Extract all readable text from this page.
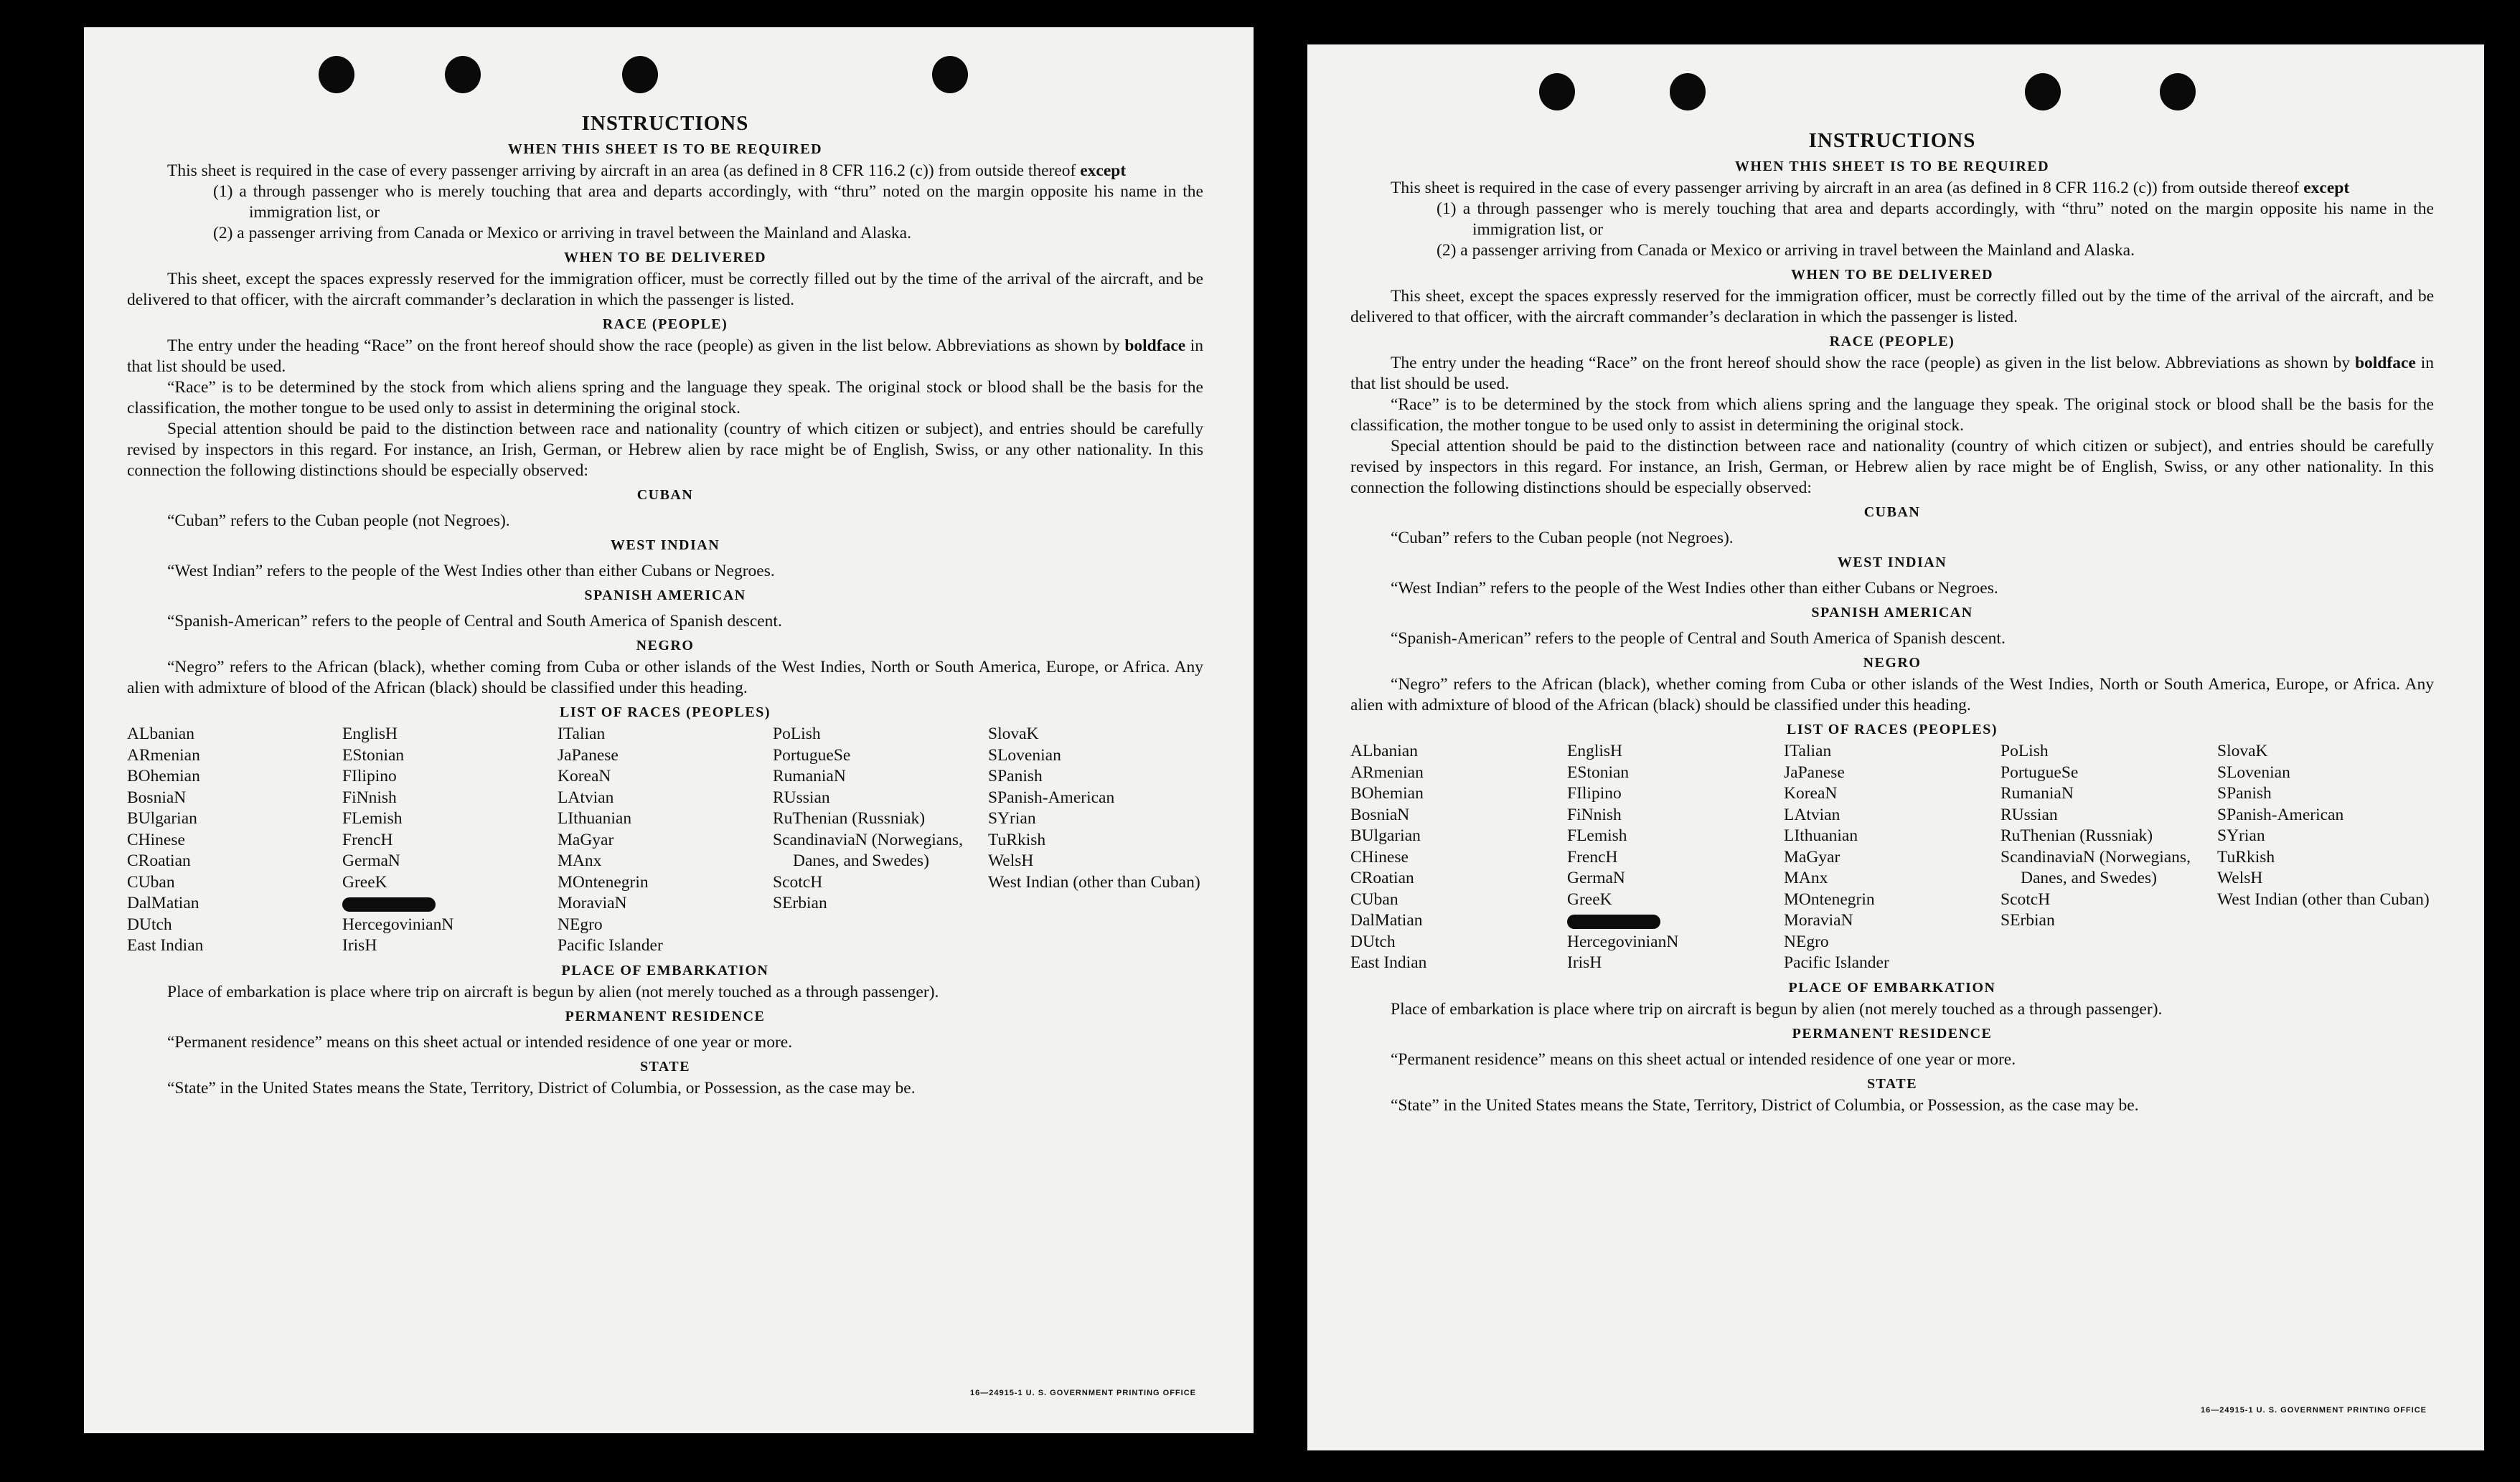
INSTRUCTIONS
WHEN THIS SHEET IS TO BE REQUIRED

This sheet is required in the case of every passenger arriving by aircraft in an area (as defined in 8 CFR 116.2 (c)) from outside thereof except

(1) a through passenger who is merely touching that area and departs accordingly, with “thru” noted on the margin opposite his name in the immigration list, or

(2) a passenger arriving from Canada or Mexico or arriving in travel between the Mainland and Alaska.

WHEN TO BE DELIVERED

This sheet, except the spaces expressly reserved for the immigration officer, must be correctly filled out by the time of the arrival of the aircraft, and be delivered to that officer, with the aircraft commander’s declaration in which the passenger is listed.

RACE (PEOPLE)

The entry under the heading “Race” on the front hereof should show the race (people) as given in the list below. Abbreviations as shown by boldface in that list should be used.

“Race” is to be determined by the stock from which aliens spring and the language they speak. The original stock or blood shall be the basis for the classification, the mother tongue to be used only to assist in determining the original stock.

Special attention should be paid to the distinction between race and nationality (country of which citizen or subject), and entries should be carefully revised by inspectors in this regard. For instance, an Irish, German, or Hebrew alien by race might be of English, Swiss, or any other nationality. In this connection the following distinctions should be especially observed:

CUBAN

“Cuban” refers to the Cuban people (not Negroes).

WEST INDIAN

“West Indian” refers to the people of the West Indies other than either Cubans or Negroes.

SPANISH AMERICAN

“Spanish-American” refers to the people of Central and South America of Spanish descent.

NEGRO

“Negro” refers to the African (black), whether coming from Cuba or other islands of the West Indies, North or South America, Europe, or Africa. Any alien with admixture of blood of the African (black) should be classified under this heading.

LIST OF RACES (PEOPLES)
ALbanian
ARmenian
BOhemian
BosniaN
BUlgarian
CHinese
CRoatian
CUban
DalMatian
DUtch
East Indian
EnglisH
EStonian
FIlipino
FiNnish
FLemish
FrencH
GermaN
GreeK
HercegovinianN
IrisH
ITalian
JaPanese
KoreaN
LAtvian
LIthuanian
MaGyar
MAnx
MOntenegrin
MoraviaN
NEgro
Pacific Islander
PoLish
PortugueSe
RumaniaN
RUssian
RuThenian (Russniak)
ScandinaviaN (Norwegians, Danes, and Swedes)
ScotcH
SErbian
SlovaK
SLovenian
SPanish
SPanish-American
SYrian
TuRkish
WelsH
West Indian (other than Cuban)
PLACE OF EMBARKATION

Place of embarkation is place where trip on aircraft is begun by alien (not merely touched as a through passenger).

PERMANENT RESIDENCE

“Permanent residence” means on this sheet actual or intended residence of one year or more.

STATE

“State” in the United States means the State, Territory, District of Columbia, or Possession, as the case may be.

16—24915-1 U. S. GOVERNMENT PRINTING OFFICE
INSTRUCTIONS
WHEN THIS SHEET IS TO BE REQUIRED

This sheet is required in the case of every passenger arriving by aircraft in an area (as defined in 8 CFR 116.2 (c)) from outside thereof except

(1) a through passenger who is merely touching that area and departs accordingly, with “thru” noted on the margin opposite his name in the immigration list, or

(2) a passenger arriving from Canada or Mexico or arriving in travel between the Mainland and Alaska.

WHEN TO BE DELIVERED

This sheet, except the spaces expressly reserved for the immigration officer, must be correctly filled out by the time of the arrival of the aircraft, and be delivered to that officer, with the aircraft commander’s declaration in which the passenger is listed.

RACE (PEOPLE)

The entry under the heading “Race” on the front hereof should show the race (people) as given in the list below. Abbreviations as shown by boldface in that list should be used.

“Race” is to be determined by the stock from which aliens spring and the language they speak. The original stock or blood shall be the basis for the classification, the mother tongue to be used only to assist in determining the original stock.

Special attention should be paid to the distinction between race and nationality (country of which citizen or subject), and entries should be carefully revised by inspectors in this regard. For instance, an Irish, German, or Hebrew alien by race might be of English, Swiss, or any other nationality. In this connection the following distinctions should be especially observed:

CUBAN

“Cuban” refers to the Cuban people (not Negroes).

WEST INDIAN

“West Indian” refers to the people of the West Indies other than either Cubans or Negroes.

SPANISH AMERICAN

“Spanish-American” refers to the people of Central and South America of Spanish descent.

NEGRO

“Negro” refers to the African (black), whether coming from Cuba or other islands of the West Indies, North or South America, Europe, or Africa. Any alien with admixture of blood of the African (black) should be classified under this heading.

LIST OF RACES (PEOPLES)
ALbanian
ARmenian
BOhemian
BosniaN
BUlgarian
CHinese
CRoatian
CUban
DalMatian
DUtch
East Indian
EnglisH
EStonian
FIlipino
FiNnish
FLemish
FrencH
GermaN
GreeK
HercegovinianN
IrisH
ITalian
JaPanese
KoreaN
LAtvian
LIthuanian
MaGyar
MAnx
MOntenegrin
MoraviaN
NEgro
Pacific Islander
PoLish
PortugueSe
RumaniaN
RUssian
RuThenian (Russniak)
ScandinaviaN (Norwegians, Danes, and Swedes)
ScotcH
SErbian
SlovaK
SLovenian
SPanish
SPanish-American
SYrian
TuRkish
WelsH
West Indian (other than Cuban)
PLACE OF EMBARKATION

Place of embarkation is place where trip on aircraft is begun by alien (not merely touched as a through passenger).

PERMANENT RESIDENCE

“Permanent residence” means on this sheet actual or intended residence of one year or more.

STATE

“State” in the United States means the State, Territory, District of Columbia, or Possession, as the case may be.

16—24915-1 U. S. GOVERNMENT PRINTING OFFICE
